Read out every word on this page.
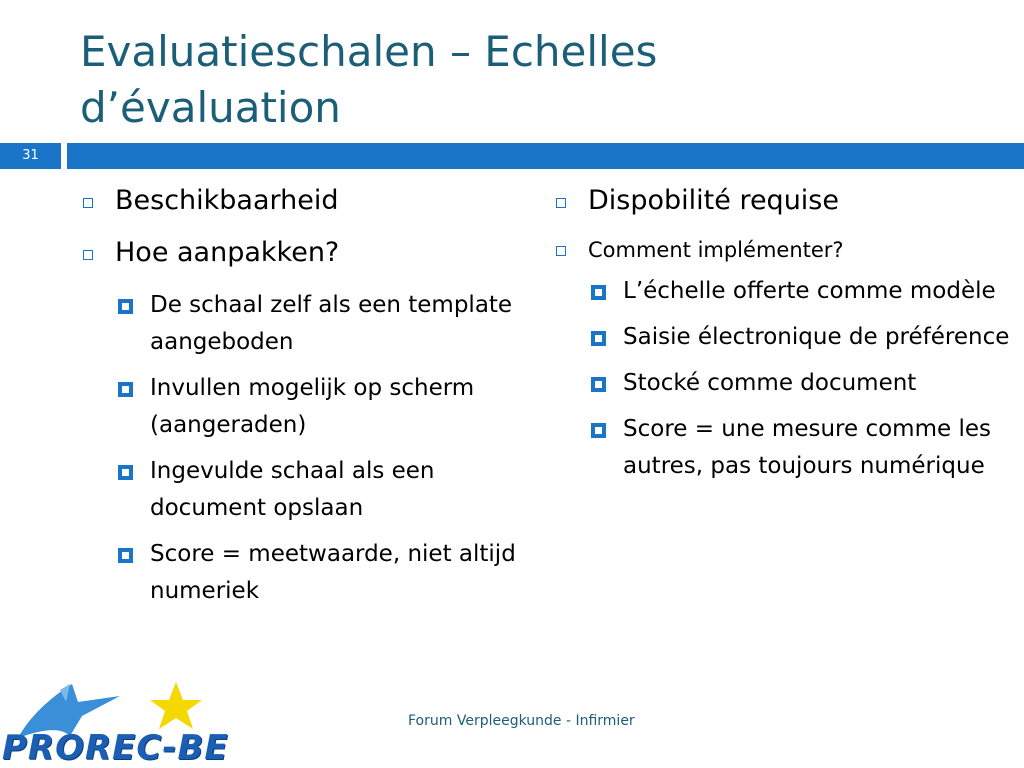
Evaluatieschalen – Echelles
d’évaluation
31
Beschikbaarheid
Hoe aanpakken?
De schaal zelf als een template aangeboden
Invullen mogelijk op scherm (aangeraden)
Ingevulde schaal als een document opslaan
Score = meetwaarde, niet altijd numeriek
Dispobilité requise
Comment implémenter?
L’échelle offerte comme modèle
Saisie électronique de préférence
Stocké comme document
Score = une mesure comme les autres, pas toujours numérique
Forum Verpleegkunde - Infirmier
PROREC-BE
